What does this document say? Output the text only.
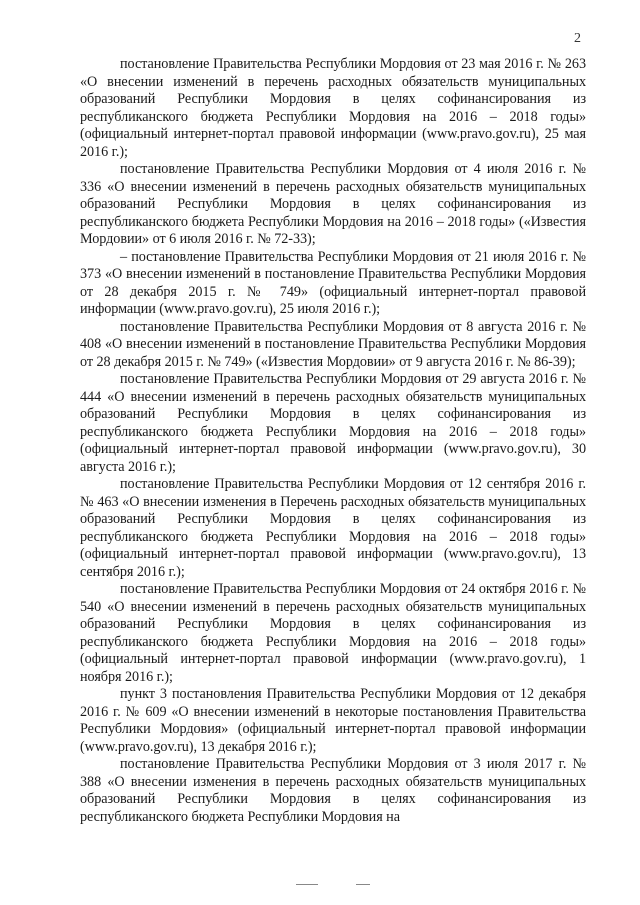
2

постановление Правительства Республики Мордовия от 23 мая 2016 г. № 263 «О внесении изменений в перечень расходных обязательств муниципальных образований Республики Мордовия в целях софинансирования из республиканского бюджета Республики Мордовия на 2016 – 2018 годы» (официальный интернет-портал правовой информации (www.pravo.gov.ru), 25 мая 2016 г.);

постановление Правительства Республики Мордовия от 4 июля 2016 г. № 336 «О внесении изменений в перечень расходных обязательств муниципальных образований Республики Мордовия в целях софинансирования из республиканского бюджета Республики Мордовия на 2016 – 2018 годы» («Известия Мордовии» от 6 июля 2016 г. № 72-33);

– постановление Правительства Республики Мордовия от 21 июля 2016 г. № 373 «О внесении изменений в постановление Правительства Республики Мордовия от 28 декабря 2015 г. № 749» (официальный интернет-портал правовой информации (www.pravo.gov.ru), 25 июля 2016 г.);

постановление Правительства Республики Мордовия от 8 августа 2016 г. № 408 «О внесении изменений в постановление Правительства Республики Мордовия от 28 декабря 2015 г. № 749» («Известия Мордовии» от 9 августа 2016 г. № 86-39);

постановление Правительства Республики Мордовия от 29 августа 2016 г. № 444 «О внесении изменений в перечень расходных обязательств муниципальных образований Республики Мордовия в целях софинансирования из республиканского бюджета Республики Мордовия на 2016 – 2018 годы» (официальный интернет-портал правовой информации (www.pravo.gov.ru), 30 августа 2016 г.);

постановление Правительства Республики Мордовия от 12 сентября 2016 г. № 463 «О внесении изменения в Перечень расходных обязательств муниципальных образований Республики Мордовия в целях софинансирования из республиканского бюджета Республики Мордовия на 2016 – 2018 годы» (официальный интернет-портал правовой информации (www.pravo.gov.ru), 13 сентября 2016 г.);

постановление Правительства Республики Мордовия от 24 октября 2016 г. № 540 «О внесении изменений в перечень расходных обязательств муниципальных образований Республики Мордовия в целях софинансирования из республиканского бюджета Республики Мордовия на 2016 – 2018 годы» (официальный интернет-портал правовой информации (www.pravo.gov.ru), 1 ноября 2016 г.);

пункт 3 постановления Правительства Республики Мордовия от 12 декабря 2016 г. № 609 «О внесении изменений в некоторые постановления Правительства Республики Мордовия» (официальный интернет-портал правовой информации (www.pravo.gov.ru), 13 декабря 2016 г.);

постановление Правительства Республики Мордовия от 3 июля 2017 г. № 388 «О внесении изменения в перечень расходных обязательств муниципальных образований Республики Мордовия в целях софинансирования из республиканского бюджета Республики Мордовия на
